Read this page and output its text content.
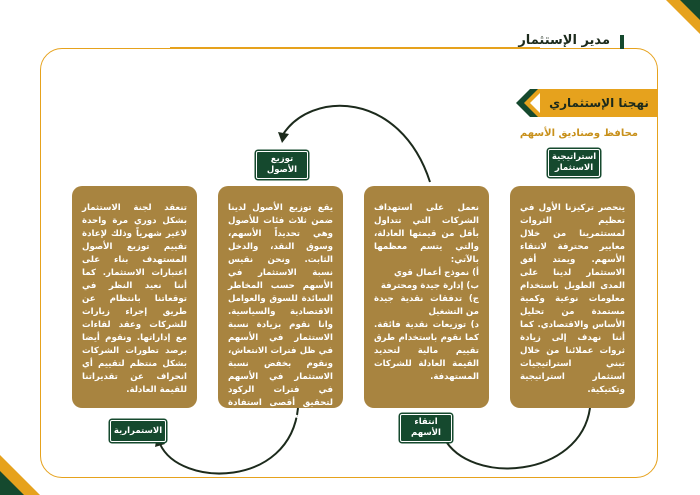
مدير الإستثمار
نهجنا الإستثماري
محافظ وصناديق الأسهم

ينحصر تركيزنا الأول في تعظيم الثروات لمستثمرينا من خلال معايير محترفة لانتقاء الأسهم. ويمتد أفق الاستثمار لدينا على المدى الطويل باستخدام معلومات نوعية وكمية مستمدة من تحليل الأساس والاقتصادي. كما أننا نهدف إلى زيادة ثروات عملائنا من خلال تبني استراتيجيات استثمار استراتيجية وتكتيكية.

نعمل على استهداف الشركات التي تتداول بأقل من قيمتها العادلة، والتي يتسم معظمها بالآتي:

أ) نموذج أعمال قوي

ب) إدارة جيدة ومحترفة

ج) تدفقات نقدية جيدة من التشغيل

د) توزيعات نقدية فائقة. كما نقوم باستخدام طرق تقييم مالية لتحديد القيمة العادلة للشركات المستهدفة.

يقع توزيع الأصول لدينا ضمن ثلاث فئات للأصول وهي تحديداً الأسهم، وسوق النقد، والدخل الثابت. ونحن نقيس نسبة الاستثمار في الأسهم حسب المخاطر السائدة للسوق والعوامل الاقتصادية والسياسية. وانا نقوم بزيادة نسبة الاستثمار في الأسهم في ظل فترات الانتعاش، ونقوم بخفض نسبة الاستثمار في الأسهم في فترات الركود لتحقيق أقصى استفادة ممكنة للعميل.

تنعقد لجنة الاستثمار بشكل دوري مرة واحدة لاغير شهرياً وذلك لإعادة تقييم توزيع الأصول المستهدف بناء على اعتبارات الاستثمار. كما أننا نعيد النظر في توقعاتنا بانتظام عن طريق إجراء زيارات للشركات وعقد لقاءات مع إداراتها. ونقوم أيضا برصد تطورات الشركات بشكل منتظم لتقييم أي انحراف عن تقديراتنا للقيمة العادلة.

استراتيجية الاستثمار
انتقاء الأسهم
توزيع الأصول
الاستمرارية
